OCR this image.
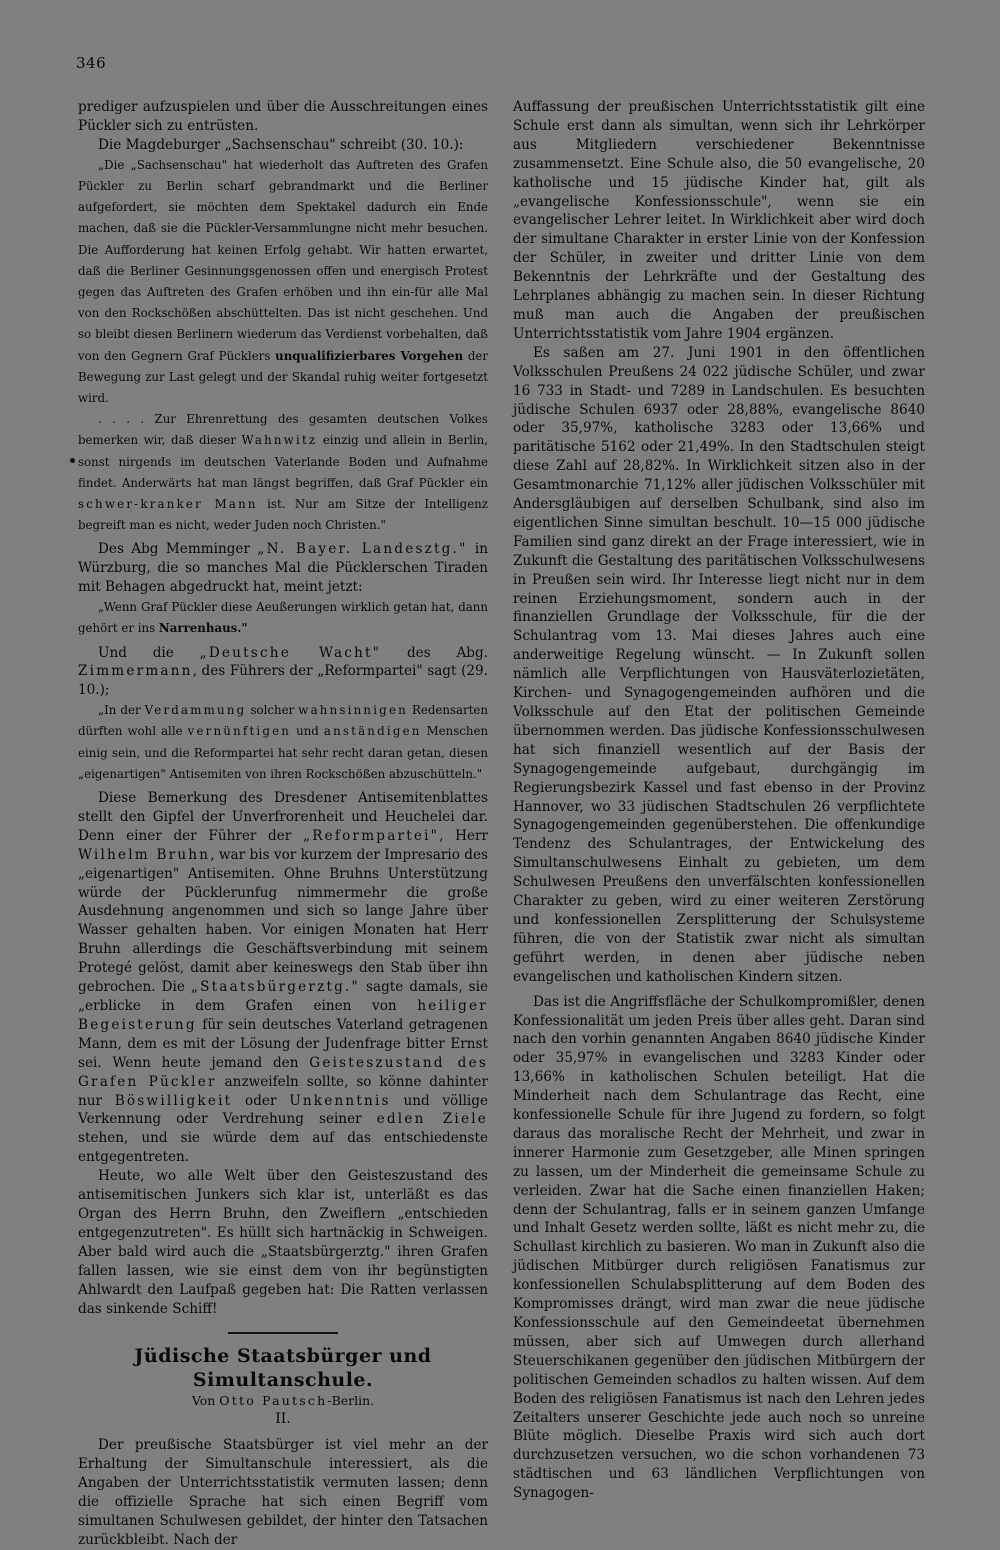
346

prediger aufzuspielen und über die Ausschreitungen eines Pückler sich zu entrüsten.

Die Magdeburger „Sachsenschau" schreibt (30. 10.):

„Die „Sachsenschau" hat wiederholt das Auftreten des Grafen Pückler zu Berlin scharf gebrandmarkt und die Berliner aufgefordert, sie möchten dem Spektakel dadurch ein Ende machen, daß sie die Pückler-Versammlungne nicht mehr besuchen. Die Aufforderung hat keinen Erfolg gehabt. Wir hatten erwartet, daß die Berliner Gesinnungsgenossen offen und energisch Protest gegen das Auftreten des Grafen erhöben und ihn ein-für alle Mal von den Rockschößen abschüttelten. Das ist nicht geschehen. Und so bleibt diesen Berlinern wiederum das Verdienst vorbehalten, daß von den Gegnern Graf Pücklers unqualifizierbares Vorgehen der Bewegung zur Last gelegt und der Skandal ruhig weiter fortgesetzt wird.

. . . . Zur Ehrenrettung des gesamten deutschen Volkes bemerken wir, daß dieser Wahnwitz einzig und allein in Berlin, sonst nirgends im deutschen Vaterlande Boden und Aufnahme findet. Anderwärts hat man längst begriffen, daß Graf Pückler ein schwer-kranker Mann ist. Nur am Sitze der Intelligenz begreift man es nicht, weder Juden noch Christen."

Des Abg Memminger „N. Bayer. Landesztg." in Würzburg, die so manches Mal die Pücklerschen Tiraden mit Behagen abgedruckt hat, meint jetzt:

„Wenn Graf Pückler diese Aeußerungen wirklich getan hat, dann gehört er ins Narrenhaus."

Und die „Deutsche Wacht" des Abg. Zimmermann, des Führers der „Reformpartei" sagt (29. 10.);

„In der Verdammung solcher wahnsinnigen Redensarten dürften wohl alle vernünftigen und anständigen Menschen einig sein, und die Reformpartei hat sehr recht daran getan, diesen „eigenartigen" Antisemiten von ihren Rockschößen abzuschütteln."

Diese Bemerkung des Dresdener Antisemitenblattes stellt den Gipfel der Unverfrorenheit und Heuchelei dar. Denn einer der Führer der „Reformpartei", Herr Wilhelm Bruhn, war bis vor kurzem der Impresario des „eigenartigen" Antisemiten. Ohne Bruhns Unterstützung würde der Pücklerunfug nimmermehr die große Ausdehnung angenommen und sich so lange Jahre über Wasser gehalten haben. Vor einigen Monaten hat Herr Bruhn allerdings die Geschäftsverbindung mit seinem Protegé gelöst, damit aber keineswegs den Stab über ihn gebrochen. Die „Staatsbürgerztg." sagte damals, sie „erblicke in dem Grafen einen von heiliger Begeisterung für sein deutsches Vaterland getragenen Mann, dem es mit der Lösung der Judenfrage bitter Ernst sei. Wenn heute jemand den Geisteszustand des Grafen Pückler anzweifeln sollte, so könne dahinter nur Böswilligkeit oder Unkenntnis und völlige Verkennung oder Verdrehung seiner edlen Ziele stehen, und sie würde dem auf das entschiedenste entgegentreten.

Heute, wo alle Welt über den Geisteszustand des antisemitischen Junkers sich klar ist, unterläßt es das Organ des Herrn Bruhn, den Zweiflern „entschieden entgegenzutreten". Es hüllt sich hartnäckig in Schweigen. Aber bald wird auch die „Staatsbürgerztg." ihren Grafen fallen lassen, wie sie einst dem von ihr begünstigten Ahlwardt den Laufpaß gegeben hat: Die Ratten verlassen das sinkende Schiff!

Jüdische Staatsbürger und Simultanschule.

Von Otto Pautsch-Berlin.

II.

Der preußische Staatsbürger ist viel mehr an der Erhaltung der Simultanschule interessiert, als die Angaben der Unterrichtsstatistik vermuten lassen; denn die offizielle Sprache hat sich einen Begriff vom simultanen Schulwesen gebildet, der hinter den Tatsachen zurückbleibt. Nach der

Auffassung der preußischen Unterrichtsstatistik gilt eine Schule erst dann als simultan, wenn sich ihr Lehrkörper aus Mitgliedern verschiedener Bekenntnisse zusammensetzt. Eine Schule also, die 50 evangelische, 20 katholische und 15 jüdische Kinder hat, gilt als „evangelische Konfessionsschule", wenn sie ein evangelischer Lehrer leitet. In Wirklichkeit aber wird doch der simultane Charakter in erster Linie von der Konfession der Schüler, in zweiter und dritter Linie von dem Bekenntnis der Lehrkräfte und der Gestaltung des Lehrplanes abhängig zu machen sein. In dieser Richtung muß man auch die Angaben der preußischen Unterrichtsstatistik vom Jahre 1904 ergänzen.

Es saßen am 27. Juni 1901 in den öffentlichen Volksschulen Preußens 24 022 jüdische Schüler, und zwar 16 733 in Stadt- und 7289 in Landschulen. Es besuchten jüdische Schulen 6937 oder 28,88%, evangelische 8640 oder 35,97%, katholische 3283 oder 13,66% und paritätische 5162 oder 21,49%. In den Stadtschulen steigt diese Zahl auf 28,82%. In Wirklichkeit sitzen also in der Gesamtmonarchie 71,12% aller jüdischen Volksschüler mit Andersgläubigen auf derselben Schulbank, sind also im eigentlichen Sinne simultan beschult. 10—15 000 jüdische Familien sind ganz direkt an der Frage interessiert, wie in Zukunft die Gestaltung des paritätischen Volksschulwesens in Preußen sein wird. Ihr Interesse liegt nicht nur in dem reinen Erziehungsmoment, sondern auch in der finanziellen Grundlage der Volksschule, für die der Schulantrag vom 13. Mai dieses Jahres auch eine anderweitige Regelung wünscht. — In Zukunft sollen nämlich alle Verpflichtungen von Hausväterlozietäten, Kirchen- und Synagogengemeinden aufhören und die Volksschule auf den Etat der politischen Gemeinde übernommen werden. Das jüdische Konfessionsschulwesen hat sich finanziell wesentlich auf der Basis der Synagogengemeinde aufgebaut, durchgängig im Regierungsbezirk Kassel und fast ebenso in der Provinz Hannover, wo 33 jüdischen Stadtschulen 26 verpflichtete Synagogengemeinden gegenüberstehen. Die offenkundige Tendenz des Schulantrages, der Entwickelung des Simultanschulwesens Einhalt zu gebieten, um dem Schulwesen Preußens den unverfälschten konfessionellen Charakter zu geben, wird zu einer weiteren Zerstörung und konfessionellen Zersplitterung der Schulsysteme führen, die von der Statistik zwar nicht als simultan geführt werden, in denen aber jüdische neben evangelischen und katholischen Kindern sitzen.

Das ist die Angriffsfläche der Schulkompromißler, denen Konfessionalität um jeden Preis über alles geht. Daran sind nach den vorhin genannten Angaben 8640 jüdische Kinder oder 35,97% in evangelischen und 3283 Kinder oder 13,66% in katholischen Schulen beteiligt. Hat die Minderheit nach dem Schulantrage das Recht, eine konfessionelle Schule für ihre Jugend zu fordern, so folgt daraus das moralische Recht der Mehrheit, und zwar in innerer Harmonie zum Gesetzgeber, alle Minen springen zu lassen, um der Minderheit die gemeinsame Schule zu verleiden. Zwar hat die Sache einen finanziellen Haken; denn der Schulantrag, falls er in seinem ganzen Umfange und Inhalt Gesetz werden sollte, läßt es nicht mehr zu, die Schullast kirchlich zu basieren. Wo man in Zukunft also die jüdischen Mitbürger durch religiösen Fanatismus zur konfessionellen Schulabsplitterung auf dem Boden des Kompromisses drängt, wird man zwar die neue jüdische Konfessionsschule auf den Gemeindeetat übernehmen müssen, aber sich auf Umwegen durch allerhand Steuerschikanen gegenüber den jüdischen Mitbürgern der politischen Gemeinden schadlos zu halten wissen. Auf dem Boden des religiösen Fanatismus ist nach den Lehren jedes Zeitalters unserer Geschichte jede auch noch so unreine Blüte möglich. Dieselbe Praxis wird sich auch dort durchzusetzen versuchen, wo die schon vorhandenen 73 städtischen und 63 ländlichen Verpflichtungen von Synagogen-
